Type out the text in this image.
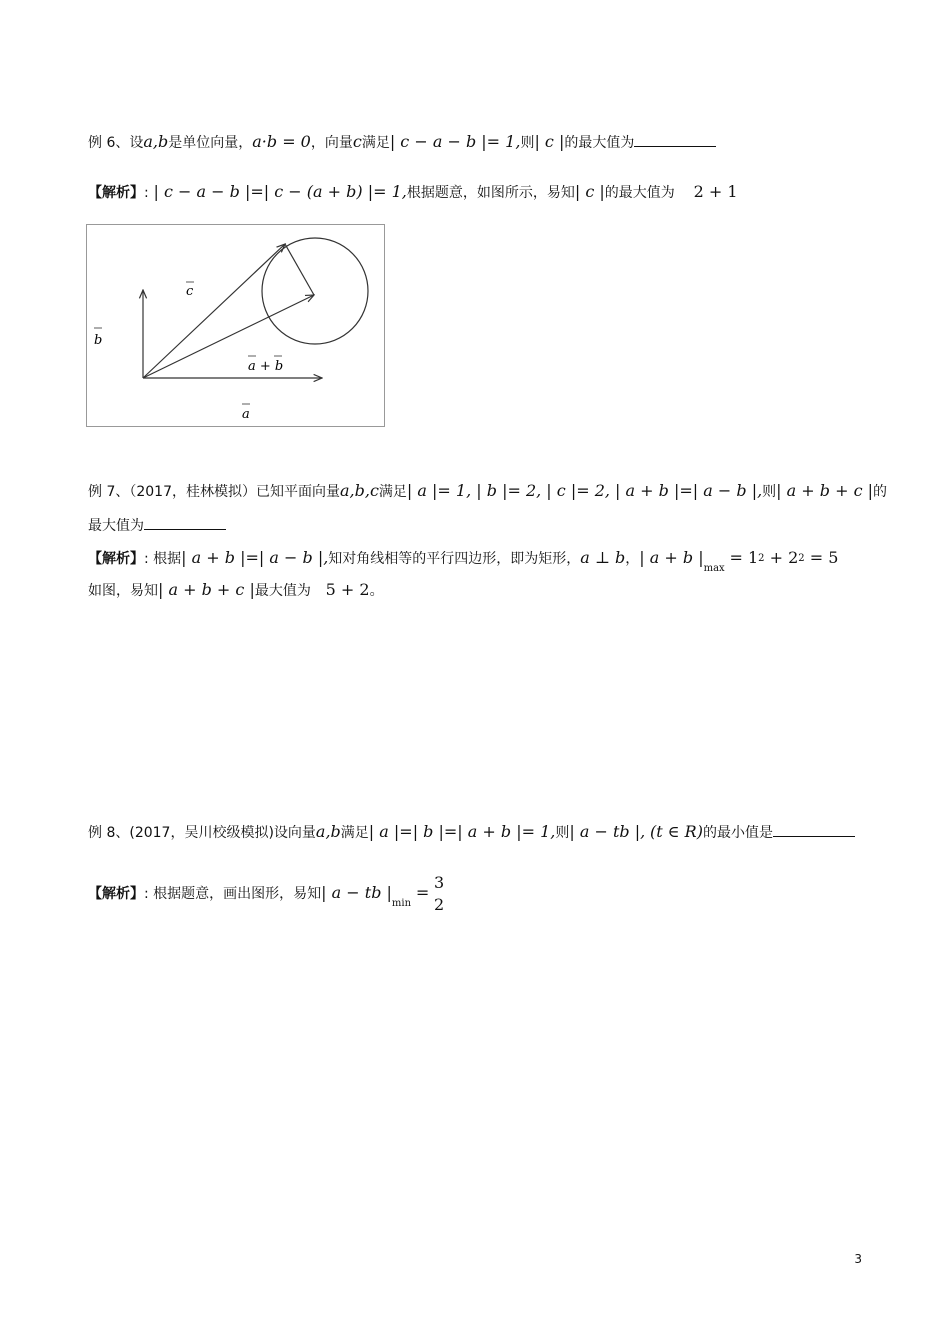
例 6、设a,b是单位向量，a·b = 0，向量c满足| c − a − b |= 1,则| c |的最大值为
【解析】: | c − a − b |=| c − (a + b) |= 1,根据题意，如图所示，易知| c |的最大值为 2 + 1
c
b
a + b
a
例 7、（2017，桂林模拟）已知平面向量a,b,c满足| a |= 1, | b |= 2, | c |= 2, | a + b |=| a − b |,则| a + b + c |的
最大值为
【解析】: 根据| a + b |=| a − b |,知对角线相等的平行四边形，即为矩形，a ⊥ b，| a + b $|_{max} = 12 + 22 = 5$
如图，易知| a + b + c |最大值为 5 + 2。
例 8、(2017，吴川校级模拟)设向量a,b满足| a |=| b |=| a + b |= 1,则| a − tb |, (t ∈ R)的最小值是
【解析】: 根据题意，画出图形，易知| a − tb $|_{min}$ =
3
2
3
